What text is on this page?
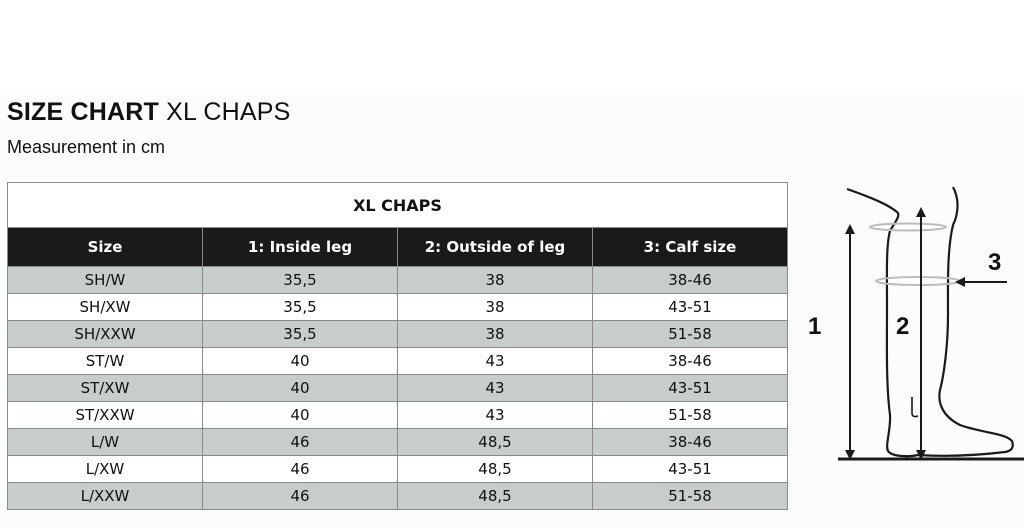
SIZE CHART XL CHAPS
Measurement in cm
XL CHAPS			
Size	1: Inside leg	2: Outside of leg	3: Calf size
SH/W	35,5	38	38-46
SH/XW	35,5	38	43-51
SH/XXW	35,5	38	51-58
ST/W	40	43	38-46
ST/XW	40	43	43-51
ST/XXW	40	43	51-58
L/W	46	48,5	38-46
L/XW	46	48,5	43-51
L/XXW	46	48,5	51-58
1	2
3
